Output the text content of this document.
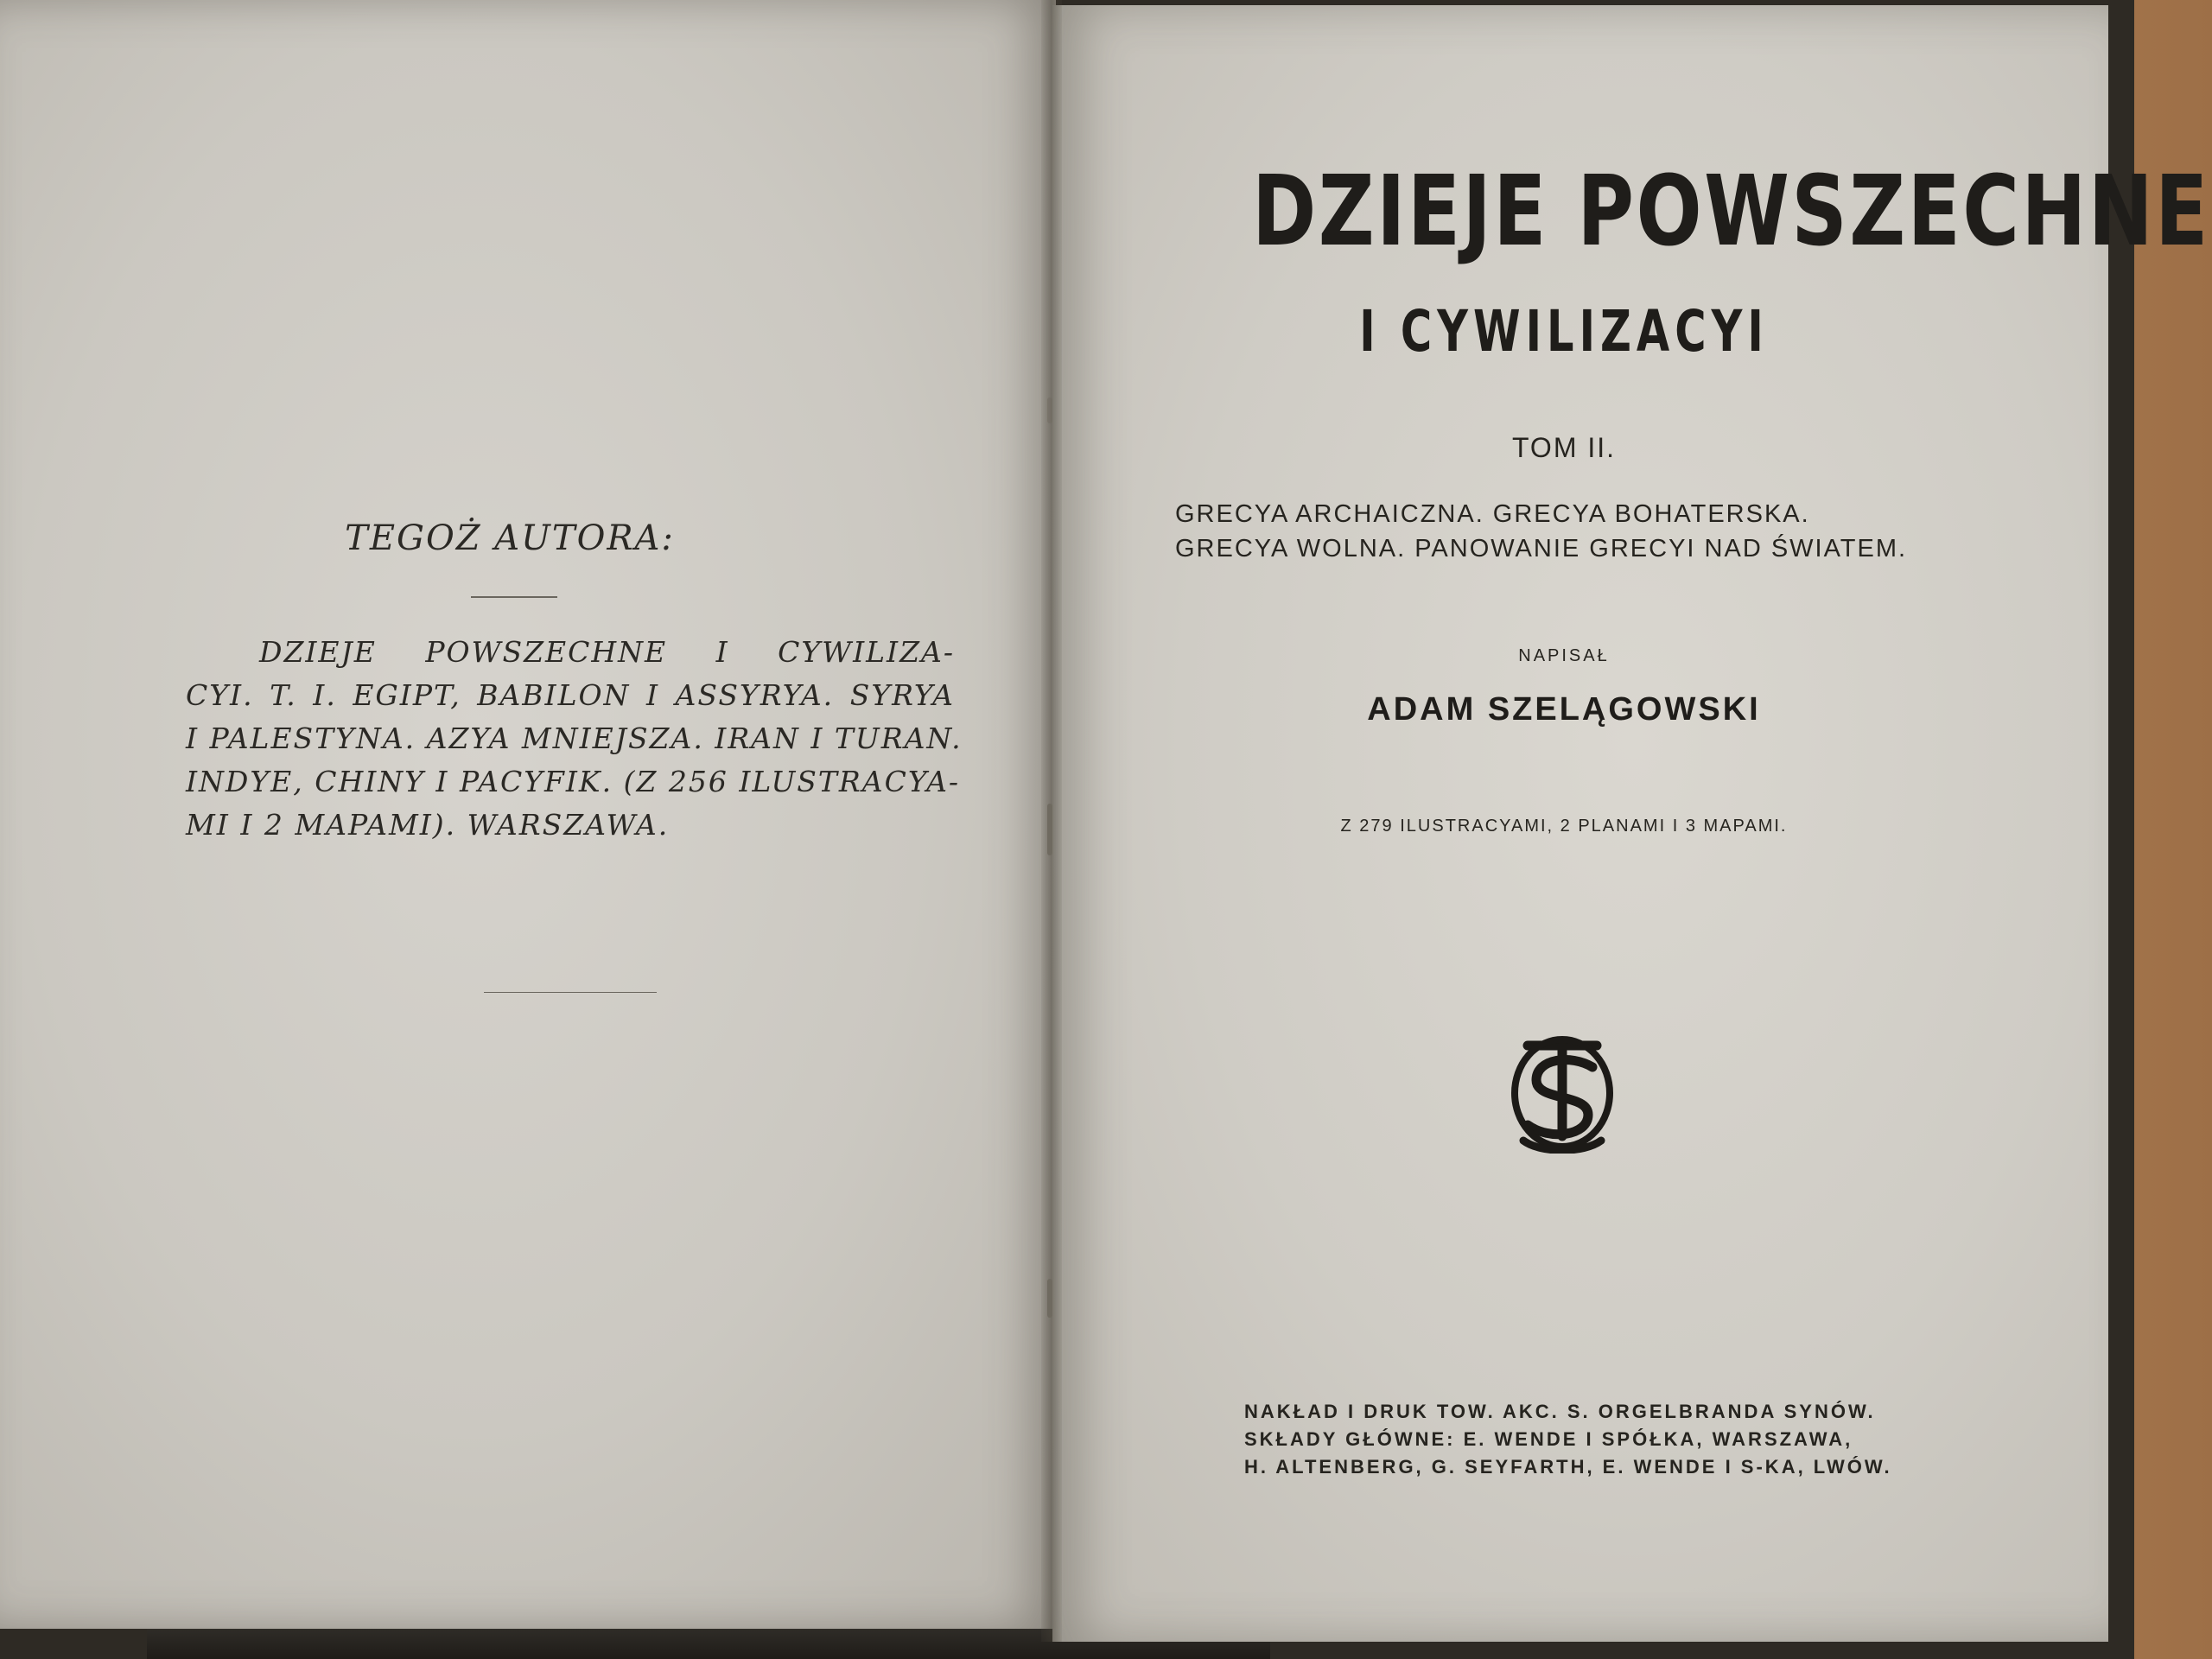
TEGOŻ AUTORA:
DZIEJE POWSZECHNE I CYWILIZA-
CYI. T. I. EGIPT, BABILON I ASSYRYA. SYRYA
I PALESTYNA. AZYA MNIEJSZA. IRAN I TURAN.
INDYE, CHINY I PACYFIK. (Z 256 ILUSTRACYA-
MI I 2 MAPAMI). WARSZAWA.
DZIEJE POWSZECHNE
I CYWILIZACYI
TOM II.
GRECYA ARCHAICZNA. GRECYA BOHATERSKA.
GRECYA WOLNA. PANOWANIE GRECYI NAD ŚWIATEM.
NAPISAŁ
ADAM SZELĄGOWSKI
Z 279 ILUSTRACYAMI, 2 PLANAMI I 3 MAPAMI.
NAKŁAD I DRUK TOW. AKC. S. ORGELBRANDA SYNÓW.
SKŁADY GŁÓWNE: E. WENDE I SPÓŁKA, WARSZAWA,
H. ALTENBERG, G. SEYFARTH, E. WENDE I S-KA, LWÓW.
